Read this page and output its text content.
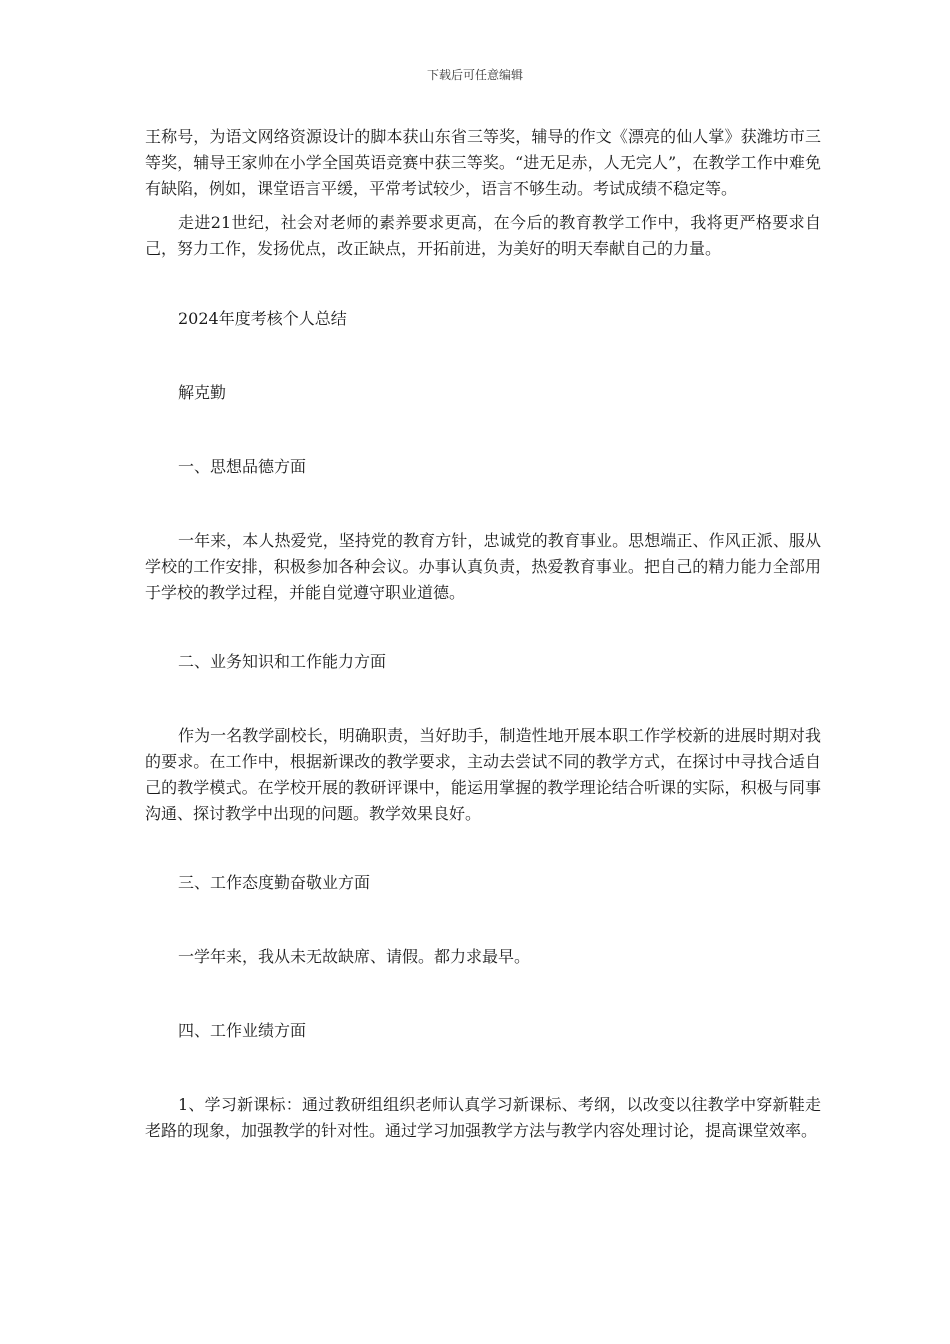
下载后可任意编辑
王称号，为语文网络资源设计的脚本获山东省三等奖，辅导的作文《漂亮的仙人掌》获潍坊市三等奖，辅导王家帅在小学全国英语竞赛中获三等奖。“进无足赤，人无完人”，在教学工作中难免有缺陷，例如，课堂语言平缓，平常考试较少，语言不够生动。考试成绩不稳定等。
走进21世纪，社会对老师的素养要求更高，在今后的教育教学工作中，我将更严格要求自己，努力工作，发扬优点，改正缺点，开拓前进，为美好的明天奉献自己的力量。
2024年度考核个人总结
解克勤
一、思想品德方面
一年来，本人热爱党，坚持党的教育方针，忠诚党的教育事业。思想端正、作风正派、服从学校的工作安排，积极参加各种会议。办事认真负责，热爱教育事业。把自己的精力能力全部用于学校的教学过程，并能自觉遵守职业道德。
二、业务知识和工作能力方面
作为一名教学副校长，明确职责，当好助手，制造性地开展本职工作学校新的进展时期对我的要求。在工作中，根据新课改的教学要求，主动去尝试不同的教学方式，在探讨中寻找合适自己的教学模式。在学校开展的教研评课中，能运用掌握的教学理论结合听课的实际，积极与同事沟通、探讨教学中出现的问题。教学效果良好。
三、工作态度勤奋敬业方面
一学年来，我从未无故缺席、请假。都力求最早。
四、工作业绩方面
1、学习新课标：通过教研组组织老师认真学习新课标、考纲，以改变以往教学中穿新鞋走老路的现象，加强教学的针对性。通过学习加强教学方法与教学内容处理讨论，提高课堂效率。
